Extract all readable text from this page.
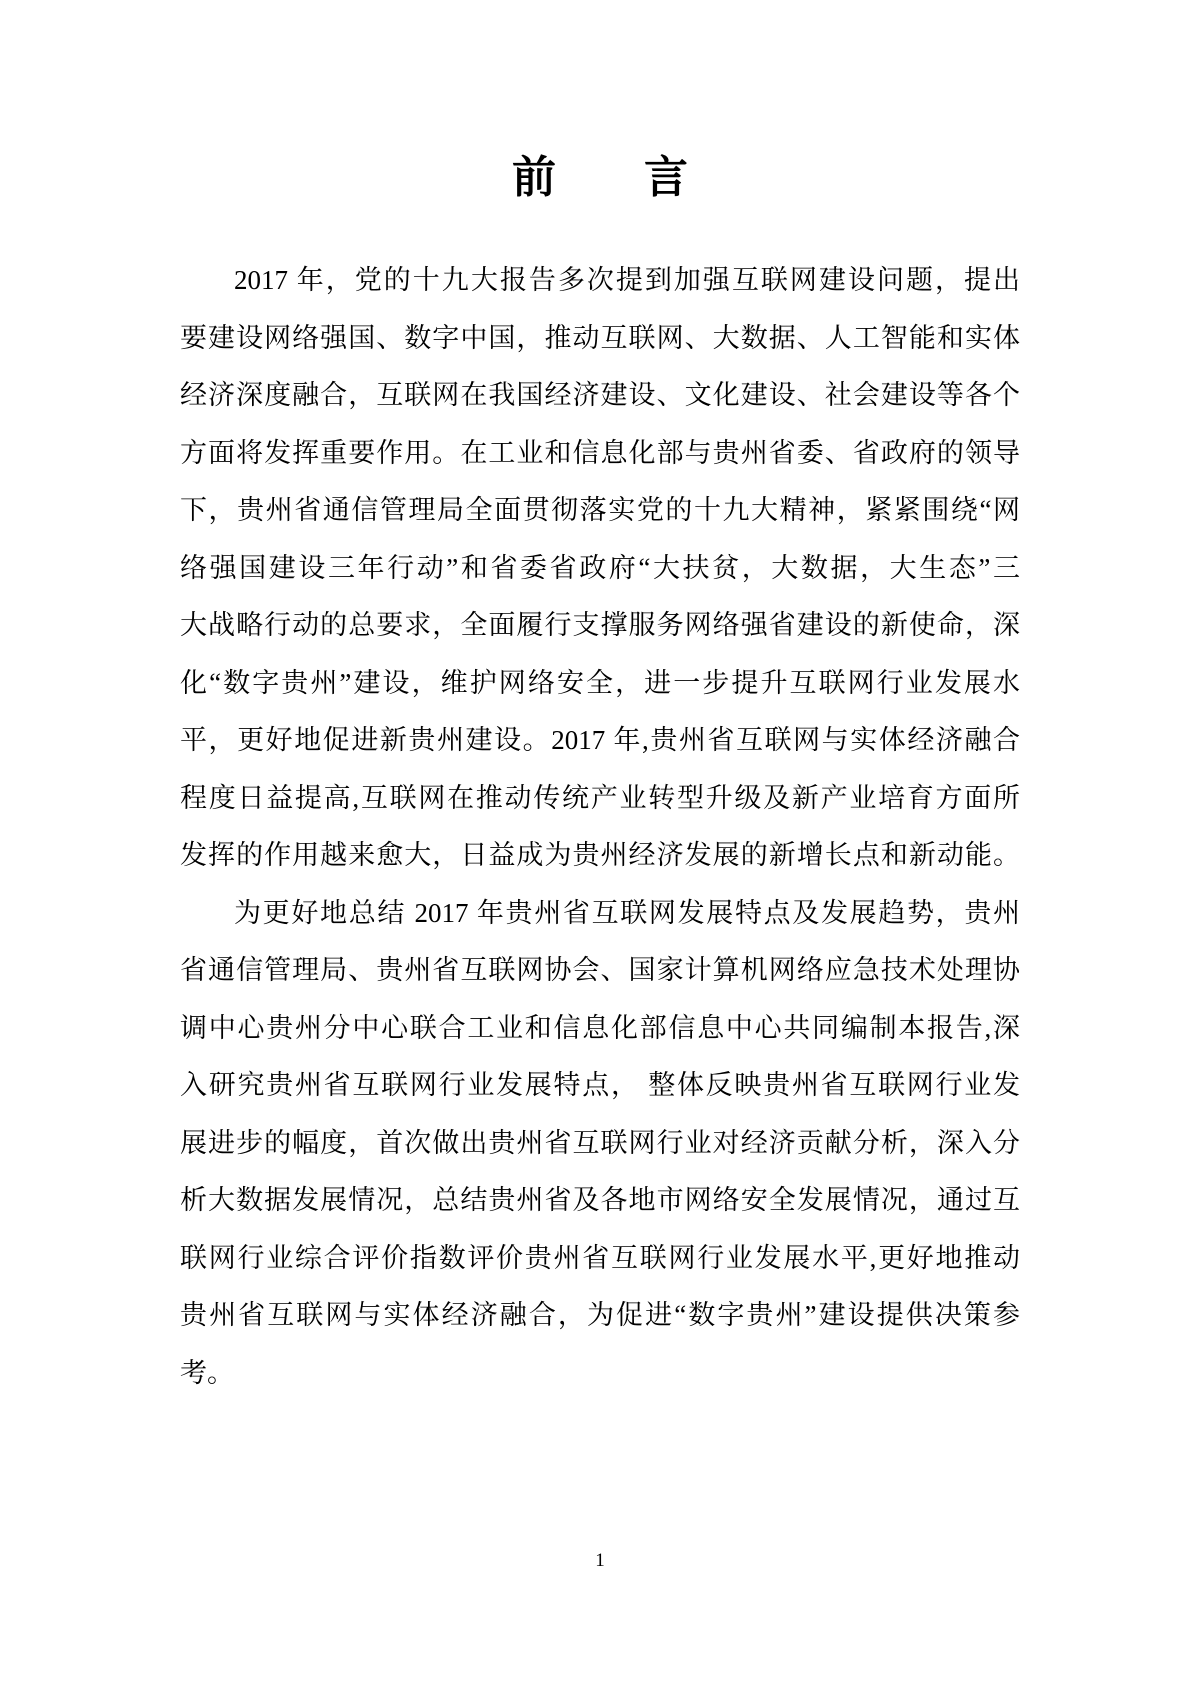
前　　言
2017 年，党的十九大报告多次提到加强互联网建设问题，提出
要建设网络强国、数字中国，推动互联网、大数据、人工智能和实体
经济深度融合，互联网在我国经济建设、文化建设、社会建设等各个
方面将发挥重要作用。在工业和信息化部与贵州省委、省政府的领导
下，贵州省通信管理局全面贯彻落实党的十九大精神，紧紧围绕“网
络强国建设三年行动”和省委省政府“大扶贫，大数据，大生态”三
大战略行动的总要求，全面履行支撑服务网络强省建设的新使命，深
化“数字贵州”建设，维护网络安全，进一步提升互联网行业发展水
平，更好地促进新贵州建设。2017 年,贵州省互联网与实体经济融合
程度日益提高,互联网在推动传统产业转型升级及新产业培育方面所
发挥的作用越来愈大，日益成为贵州经济发展的新增长点和新动能。
为更好地总结 2017 年贵州省互联网发展特点及发展趋势，贵州
省通信管理局、贵州省互联网协会、国家计算机网络应急技术处理协
调中心贵州分中心联合工业和信息化部信息中心共同编制本报告,深
入研究贵州省互联网行业发展特点， 整体反映贵州省互联网行业发
展进步的幅度，首次做出贵州省互联网行业对经济贡献分析，深入分
析大数据发展情况，总结贵州省及各地市网络安全发展情况，通过互
联网行业综合评价指数评价贵州省互联网行业发展水平,更好地推动
贵州省互联网与实体经济融合，为促进“数字贵州”建设提供决策参
考。
1
